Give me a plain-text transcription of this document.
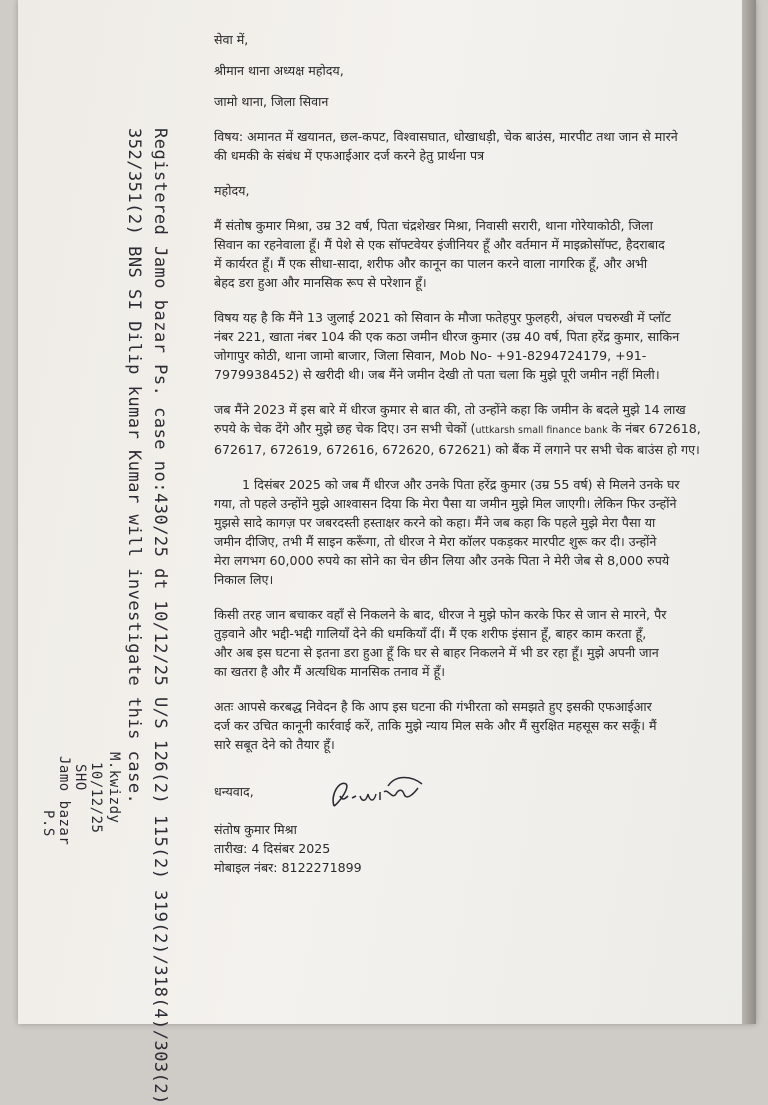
Registered Jamo bazar Ps. case no:430/25 dt 10/12/25 U/S 126(2) 115(2) 319(2)/318(4)/303(2)
352/351(2) BNS SI Dilip kumar Kumar will investigate this case.
M.kwizdy
10/12/25
SHO
Jamo bazar
P.S

सेवा में,

श्रीमान थाना अध्यक्ष महोदय,

जामो थाना, जिला सिवान

विषय: अमानत में खयानत, छल-कपट, विश्वासघात, धोखाधड़ी, चेक बाउंस, मारपीट तथा जान से मारने

की धमकी के संबंध में एफआईआर दर्ज करने हेतु प्रार्थना पत्र

महोदय,

मैं संतोष कुमार मिश्रा, उम्र 32 वर्ष, पिता चंद्रशेखर मिश्रा, निवासी सरारी, थाना गोरेयाकोठी, जिला

सिवान का रहनेवाला हूँ। मैं पेशे से एक सॉफ्टवेयर इंजीनियर हूँ और वर्तमान में माइक्रोसॉफ्ट, हैदराबाद

में कार्यरत हूँ। मैं एक सीधा-सादा, शरीफ और कानून का पालन करने वाला नागरिक हूँ, और अभी

बेहद डरा हुआ और मानसिक रूप से परेशान हूँ।

विषय यह है कि मैंने 13 जुलाई 2021 को सिवान के मौजा फतेहपुर फुलहरी, अंचल पचरुखी में प्लॉट

नंबर 221, खाता नंबर 104 की एक कठा जमीन धीरज कुमार (उम्र 40 वर्ष, पिता हरेंद्र कुमार, साकिन

जोगापुर कोठी, थाना जामो बाजार, जिला सिवान, Mob No- +91-8294724179, +91-

7979938452) से खरीदी थी। जब मैंने जमीन देखी तो पता चला कि मुझे पूरी जमीन नहीं मिली।

जब मैंने 2023 में इस बारे में धीरज कुमार से बात की, तो उन्होंने कहा कि जमीन के बदले मुझे 14 लाख

रुपये के चेक देंगे और मुझे छह चेक दिए। उन सभी चेकों (uttkarsh small finance bank के नंबर 672618,

672617, 672619, 672616, 672620, 672621) को बैंक में लगाने पर सभी चेक बाउंस हो गए।

1 दिसंबर 2025 को जब मैं धीरज और उनके पिता हरेंद्र कुमार (उम्र 55 वर्ष) से मिलने उनके घर

गया, तो पहले उन्होंने मुझे आश्वासन दिया कि मेरा पैसा या जमीन मुझे मिल जाएगी। लेकिन फिर उन्होंने

मुझसे सादे कागज़ पर जबरदस्ती हस्ताक्षर करने को कहा। मैंने जब कहा कि पहले मुझे मेरा पैसा या

जमीन दीजिए, तभी मैं साइन करूँगा, तो धीरज ने मेरा कॉलर पकड़कर मारपीट शुरू कर दी। उन्होंने

मेरा लगभग 60,000 रुपये का सोने का चेन छीन लिया और उनके पिता ने मेरी जेब से 8,000 रुपये

निकाल लिए।

किसी तरह जान बचाकर वहाँ से निकलने के बाद, धीरज ने मुझे फोन करके फिर से जान से मारने, पैर

तुड़वाने और भद्दी-भद्दी गालियाँ देने की धमकियाँ दीं। मैं एक शरीफ इंसान हूँ, बाहर काम करता हूँ,

और अब इस घटना से इतना डरा हुआ हूँ कि घर से बाहर निकलने में भी डर रहा हूँ। मुझे अपनी जान

का खतरा है और मैं अत्यधिक मानसिक तनाव में हूँ।

अतः आपसे करबद्ध निवेदन है कि आप इस घटना की गंभीरता को समझते हुए इसकी एफआईआर

दर्ज कर उचित कानूनी कार्रवाई करें, ताकि मुझे न्याय मिल सके और मैं सुरक्षित महसूस कर सकूँ। मैं

सारे सबूत देने को तैयार हूँ।

धन्यवाद,

संतोष कुमार मिश्रा

तारीख: 4 दिसंबर 2025

मोबाइल नंबर: 8122271899
